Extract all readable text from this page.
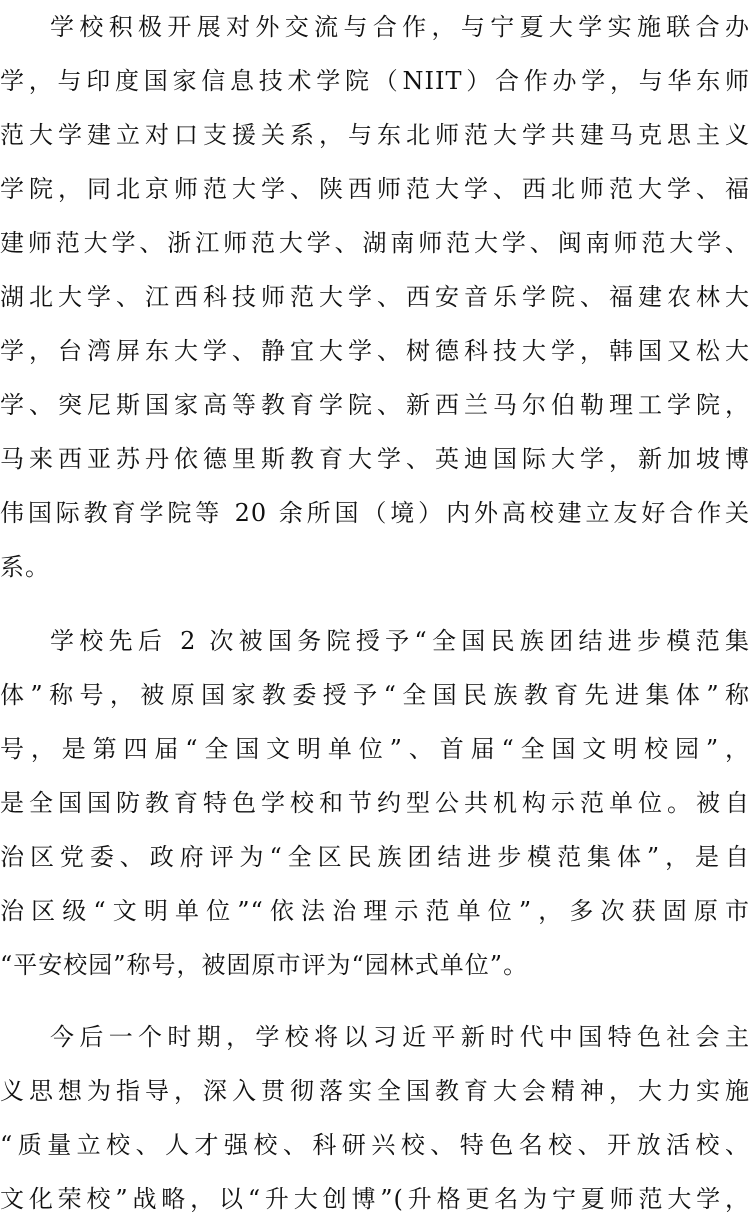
学校积极开展对外交流与合作，与宁夏大学实施联合办
学，与印度国家信息技术学院（NIIT）合作办学，与华东师
范大学建立对口支援关系，与东北师范大学共建马克思主义
学院，同北京师范大学、陕西师范大学、西北师范大学、福
建师范大学、浙江师范大学、湖南师范大学、闽南师范大学、
湖北大学、江西科技师范大学、西安音乐学院、福建农林大
学，台湾屏东大学、静宜大学、树德科技大学，韩国又松大
学、突尼斯国家高等教育学院、新西兰马尔伯勒理工学院，
马来西亚苏丹依德里斯教育大学、英迪国际大学，新加坡博
伟国际教育学院等 20 余所国（境）内外高校建立友好合作关
系。
学校先后 2 次被国务院授予“全国民族团结进步模范集
体”称号，被原国家教委授予“全国民族教育先进集体”称
号，是第四届“全国文明单位”、首届“全国文明校园”，
是全国国防教育特色学校和节约型公共机构示范单位。被自
治区党委、政府评为“全区民族团结进步模范集体”，是自
治区级“文明单位”“依法治理示范单位”，多次获固原市
“平安校园”称号，被固原市评为“园林式单位”。
今后一个时期，学校将以习近平新时代中国特色社会主
义思想为指导，深入贯彻落实全国教育大会精神，大力实施
“质量立校、人才强校、科研兴校、特色名校、开放活校、
文化荣校”战略，以“升大创博”(升格更名为宁夏师范大学，
